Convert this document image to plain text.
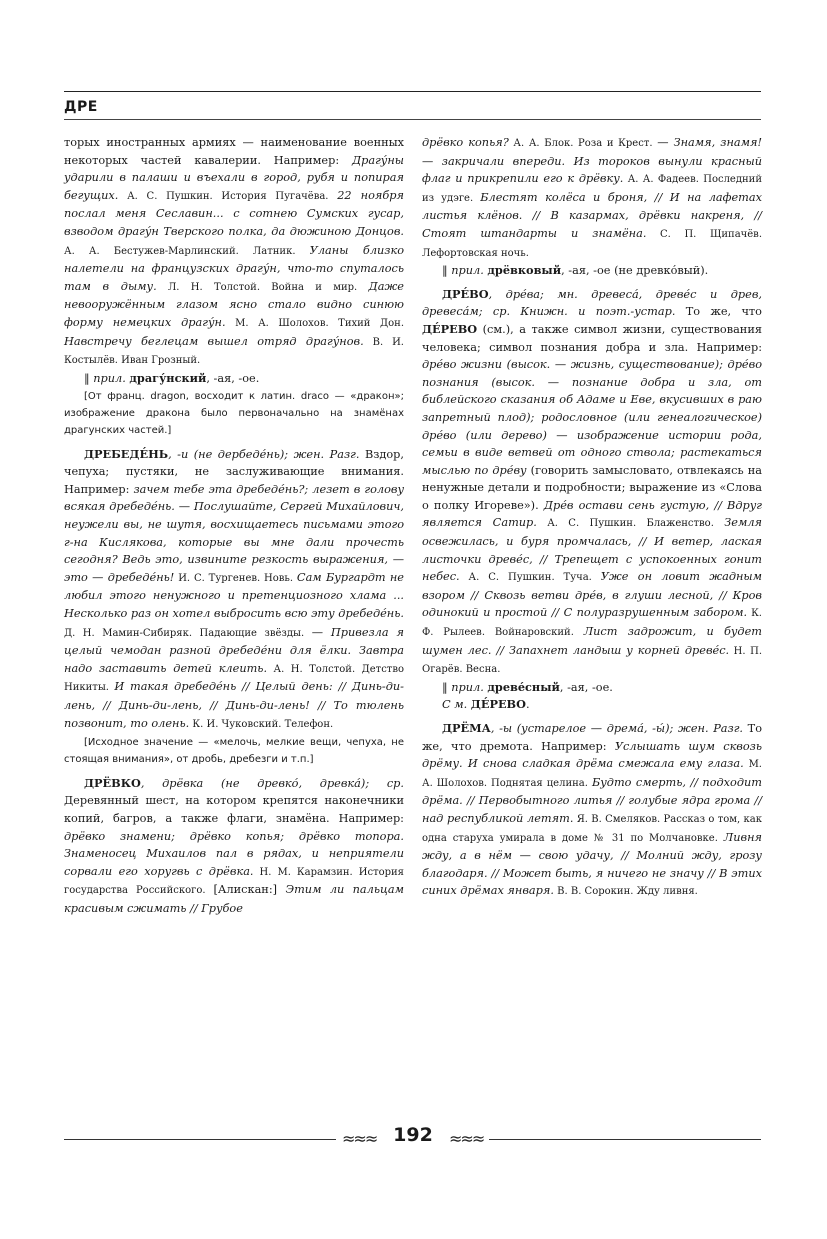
ДРЕ

торых иностранных армиях — наименование военных некоторых частей кавалерии. Например: Драгу́ны ударили в палаши и въехали в город, рубя и попирая бегущих. А. С. Пушкин. История Пугачёва. 22 ноября послал меня Сеславин... с сотнею Сумских гусар, взводом драгу́н Тверского полка, да дюжиною Донцов. А. А. Бестужев-Марлинский. Латник. Уланы близко налетели на французских драгу́н, что-то спуталось там в дыму. Л. Н. Толстой. Война и мир. Даже невооружённым глазом ясно стало видно синюю форму немецких драгу́н. М. А. Шолохов. Тихий Дон. Навстречу беглецам вышел отряд драгу́нов. В. И. Костылёв. Иван Грозный.

‖ прил. драгу́нский, -ая, -ое.

[От франц. dragon, восходит к латин. draco — «дракон»; изображение дракона было первоначально на знамёнах драгунских частей.]

ДРЕБЕДЕ́НЬ, -и (не дербеде́нь); жен. Разг. Вздор, чепуха; пустяки, не заслуживающие внимания. Например: зачем тебе эта дребеде́нь?; лезет в голову всякая дребеде́нь. — Послушайте, Сергей Михайлович, неужели вы, не шутя, восхищаетесь письмами этого г-на Кислякова, которые вы мне дали прочесть сегодня? Ведь это, извините резкость выражения, — это — дребеде́нь! И. С. Тургенев. Новь. Сам Бургардт не любил этого ненужного и претенциозного хлама ... Несколько раз он хотел выбросить всю эту дребеде́нь. Д. Н. Мамин-Сибиряк. Падающие звёзды. — Привезла я целый чемодан разной дребеде́ни для ёлки. Завтра надо заставить детей клеить. А. Н. Толстой. Детство Никиты. И такая дребеде́нь // Целый день: // Динь-ди-лень, // Динь-ди-лень, // Динь-ди-лень! // То тюлень позвонит, то олень. К. И. Чуковский. Телефон.

[Исходное значение — «мелочь, мелкие вещи, чепуха, не стоящая внимания», от дробь, дребезги и т.п.]

ДРЁВКО, дрёвка (не древко́, древка́); ср. Деревянный шест, на котором крепятся наконечники копий, багров, а также флаги, знамёна. Например: дрёвко знамени; дрёвко копья; дрёвко топора. Знаменосец Михаилов пал в рядах, и неприятели сорвали его хоругвь с дрёвка. Н. М. Карамзин. История государства Российского. [Алискан:] Этим ли пальцам красивым сжимать // Грубое

дрёвко копья? А. А. Блок. Роза и Крест. — Знамя, знамя! — закричали впереди. Из тороков вынули красный флаг и прикрепили его к дрёвку. А. А. Фадеев. Последний из удэге. Блестят колёса и броня, // И на лафетах листья клёнов. // В казармах, дрёвки накреня, // Стоят штандарты и знамёна. С. П. Щипачёв. Лефортовская ночь.

‖ прил. дрёвковый, -ая, -ое (не древко́вый).

ДРЕ́ВО, дре́ва; мн. древеса́, древе́с и древ, древеса́м; ср. Книжн. и поэт.-устар. То же, что ДЕ́РЕВО (см.), а также символ жизни, существования человека; символ познания добра и зла. Например: дре́во жизни (высок. — жизнь, существование); дре́во познания (высок. — познание добра и зла, от библейского сказания об Адаме и Еве, вкусивших в раю запретный плод); родословное (или генеалогическое) дре́во (или дерево) — изображение истории рода, семьи в виде ветвей от одного ствола; растекаться мыслью по дре́ву (говорить замысловато, отвлекаясь на ненужные детали и подробности; выражение из «Слова о полку Игореве»). Дре́в остави сень густую, // Вдруг является Сатир. А. С. Пушкин. Блаженство. Земля освежилась, и буря промчалась, // И ветер, лаская листочки древе́с, // Трепещет с успокоенных гонит небес. А. С. Пушкин. Туча. Уже он ловит жадным взором // Сквозь ветви дре́в, в глуши лесной, // Кров одинокий и простой // С полуразрушенным забором. К. Ф. Рылеев. Войнаровский. Лист задрожит, и будет шумен лес. // Запахнет ландыш у корней древе́с. Н. П. Огарёв. Весна.

‖ прил. древе́сный, -ая, -ое.

С м. ДЕ́РЕВО.

ДРЁМА, -ы (устарелое — дрема́, -ы́); жен. Разг. То же, что дремота. Например: Услышать шум сквозь дрёму. И снова сладкая дрёма смежала ему глаза. М. А. Шолохов. Поднятая целина. Будто смерть, // подходит дрёма. // Первобытного литья // голубые ядра грома // над республикой летят. Я. В. Смеляков. Рассказ о том, как одна старуха умирала в доме № 31 по Молчановке. Ливня жду, а в нём — свою удачу, // Молний жду, грозу благодаря. // Может быть, я ничего не значу // В этих синих дрёмах января. В. В. Сорокин. Жду ливня.

≈≈≈ 192	≈≈≈
